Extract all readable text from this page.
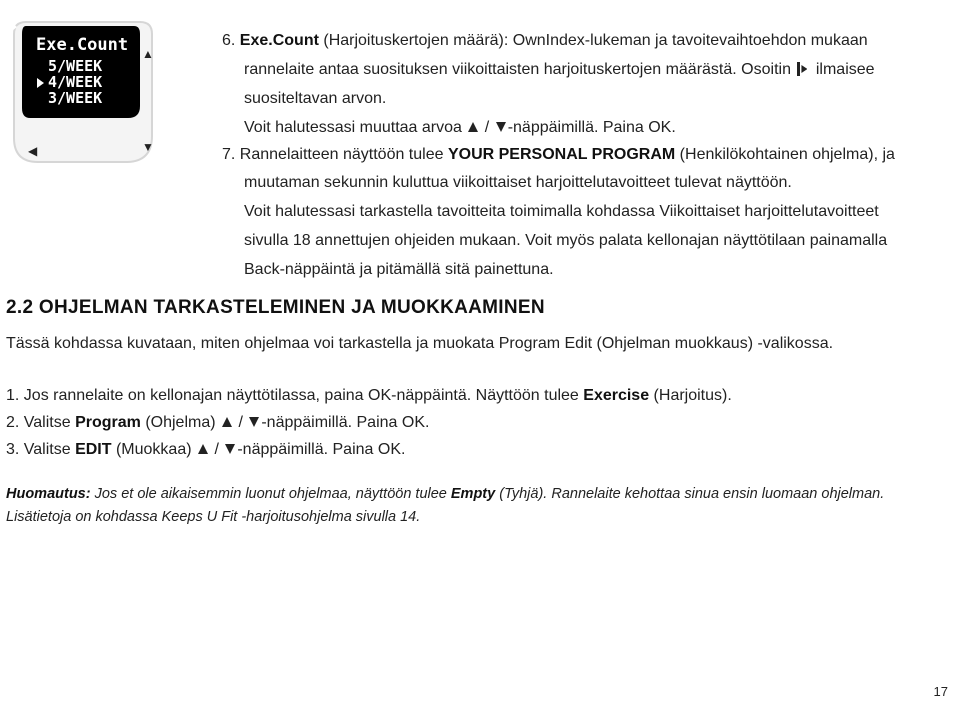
Exe.Count
5/WEEK
4/WEEK
3/WEEK
▲
▼
◀

6. Exe.Count (Harjoituskertojen määrä): OwnIndex-lukeman ja tavoitevaihtoehdon mukaan

rannelaite antaa suosituksen viikoittaisten harjoituskertojen määrästä. Osoitin
ilmaisee

suositeltavan arvon.

Voit halutessasi muuttaa arvoa  / -näppäimillä. Paina OK.

7. Rannelaitteen näyttöön tulee YOUR PERSONAL PROGRAM (Henkilökohtainen ohjelma), ja

muutaman sekunnin kuluttua viikoittaiset harjoittelutavoitteet tulevat näyttöön.

Voit halutessasi tarkastella tavoitteita toimimalla kohdassa Viikoittaiset harjoittelutavoitteet

sivulla 18 annettujen ohjeiden mukaan. Voit myös palata kellonajan näyttötilaan painamalla

Back-näppäintä ja pitämällä sitä painettuna.

2.2 OHJELMAN TARKASTELEMINEN JA MUOKKAAMINEN

Tässä kohdassa kuvataan, miten ohjelmaa voi tarkastella ja muokata Program Edit (Ohjelman muokkaus) -valikossa.

1. Jos rannelaite on kellonajan näyttötilassa, paina OK-näppäintä. Näyttöön tulee Exercise (Harjoitus).

2. Valitse Program (Ohjelma)  / -näppäimillä. Paina OK.

3. Valitse EDIT (Muokkaa)  / -näppäimillä. Paina OK.

Huomautus: Jos et ole aikaisemmin luonut ohjelmaa, näyttöön tulee Empty (Tyhjä). Rannelaite kehottaa sinua ensin luomaan ohjelman.

Lisätietoja on kohdassa Keeps U Fit -harjoitusohjelma sivulla 14.

17
